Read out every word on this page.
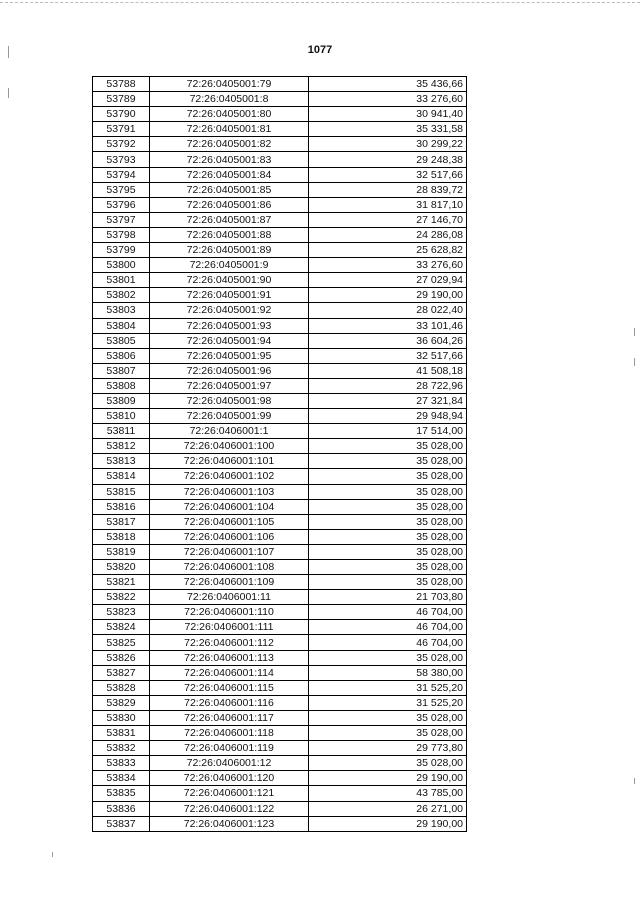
1077
53788	72:26:0405001:79	35 436,66
53789	72:26:0405001:8	33 276,60
53790	72:26:0405001:80	30 941,40
53791	72:26:0405001:81	35 331,58
53792	72:26:0405001:82	30 299,22
53793	72:26:0405001:83	29 248,38
53794	72:26:0405001:84	32 517,66
53795	72:26:0405001:85	28 839,72
53796	72:26:0405001:86	31 817,10
53797	72:26:0405001:87	27 146,70
53798	72:26:0405001:88	24 286,08
53799	72:26:0405001:89	25 628,82
53800	72:26:0405001:9	33 276,60
53801	72:26:0405001:90	27 029,94
53802	72:26:0405001:91	29 190,00
53803	72:26:0405001:92	28 022,40
53804	72:26:0405001:93	33 101,46
53805	72:26:0405001:94	36 604,26
53806	72:26:0405001:95	32 517,66
53807	72:26:0405001:96	41 508,18
53808	72:26:0405001:97	28 722,96
53809	72:26:0405001:98	27 321,84
53810	72:26:0405001:99	29 948,94
53811	72:26:0406001:1	17 514,00
53812	72:26:0406001:100	35 028,00
53813	72:26:0406001:101	35 028,00
53814	72:26:0406001:102	35 028,00
53815	72:26:0406001:103	35 028,00
53816	72:26:0406001:104	35 028,00
53817	72:26:0406001:105	35 028,00
53818	72:26:0406001:106	35 028,00
53819	72:26:0406001:107	35 028,00
53820	72:26:0406001:108	35 028,00
53821	72:26:0406001:109	35 028,00
53822	72:26:0406001:11	21 703,80
53823	72:26:0406001:110	46 704,00
53824	72:26:0406001:111	46 704,00
53825	72:26:0406001:112	46 704,00
53826	72:26:0406001:113	35 028,00
53827	72:26:0406001:114	58 380,00
53828	72:26:0406001:115	31 525,20
53829	72:26:0406001:116	31 525,20
53830	72:26:0406001:117	35 028,00
53831	72:26:0406001:118	35 028,00
53832	72:26:0406001:119	29 773,80
53833	72:26:0406001:12	35 028,00
53834	72:26:0406001:120	29 190,00
53835	72:26:0406001:121	43 785,00
53836	72:26:0406001:122	26 271,00
53837	72:26:0406001:123	29 190,00
